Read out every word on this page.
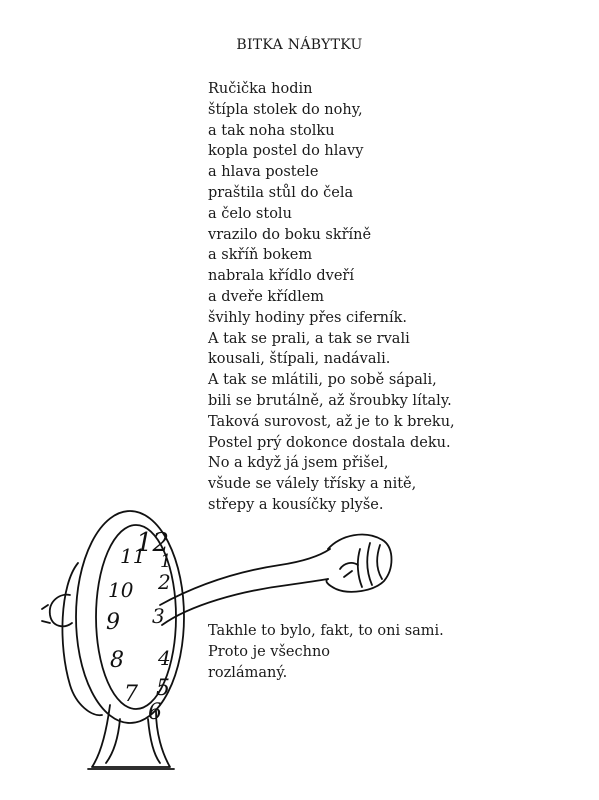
BITKA NÁBYTKU
Ručička hodin
štípla stolek do nohy,
a tak noha stolku
kopla postel do hlavy
a hlava postele
praštila stůl do čela
a čelo stolu
vrazilo do boku skříně
a skříň bokem
nabrala křídlo dveří
a dveře křídlem
švihly hodiny přes ciferník.
A tak se prali, a tak se rvali
kousali, štípali, nadávali.
A tak se mlátili, po sobě sápali,
bili se brutálně, až šroubky lítaly.
Taková surovost, až je to k breku,
Postel prý dokonce dostala deku.
No a když já jsem přišel,
všude se válely třísky a nitě,
střepy a kousíčky plyše.
12
1
2
3
4
5
6
7
8
9
10
11
Takhle to bylo, fakt, to oni sami.
Proto je všechno
rozlámaný.
